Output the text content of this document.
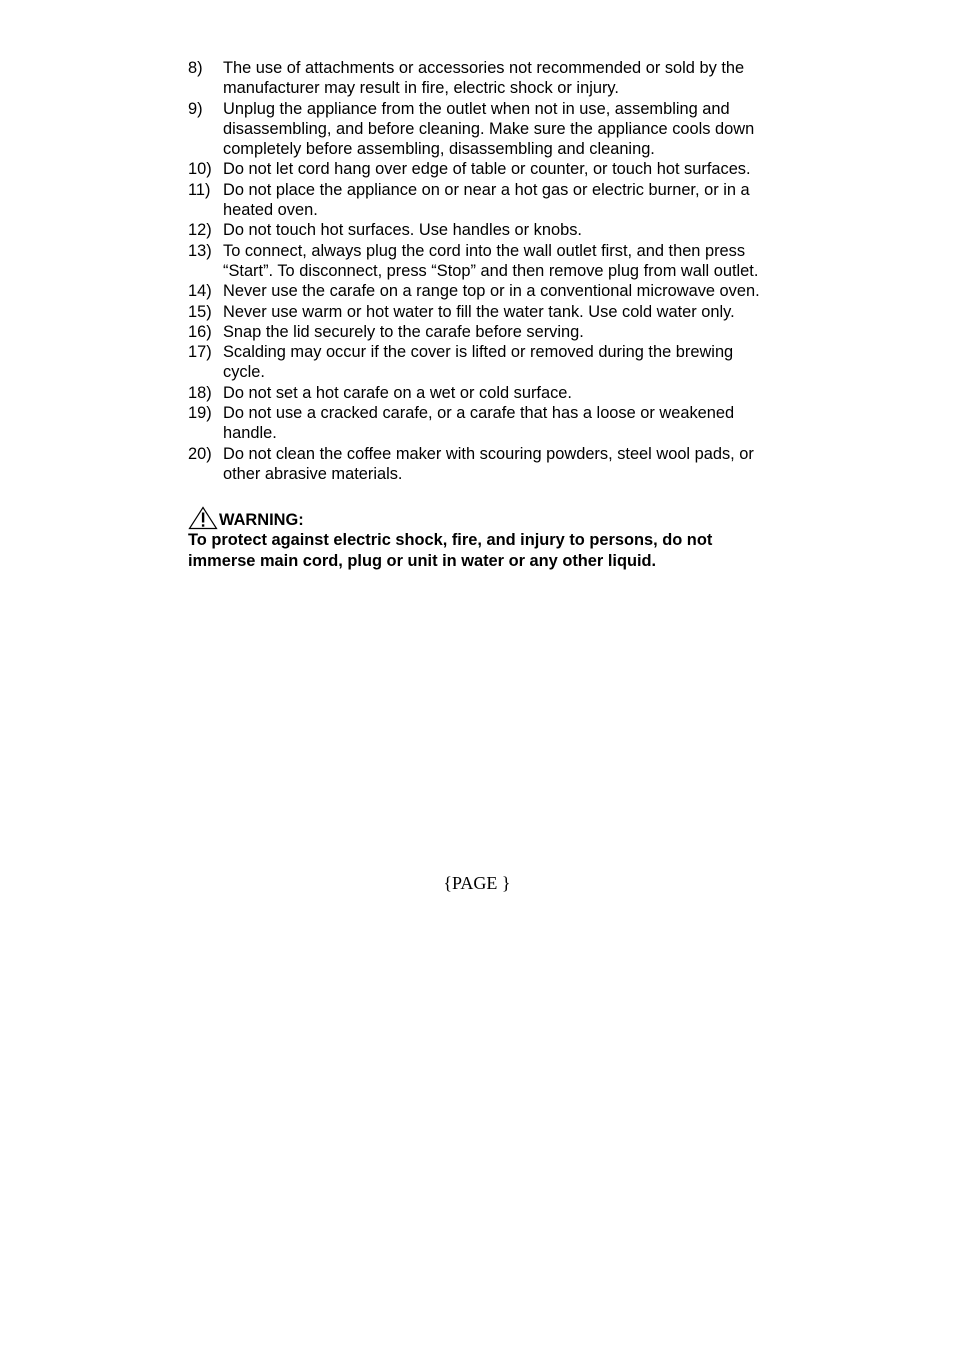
8)	The use of attachments or accessories not recommended or sold by the manufacturer may result in fire, electric shock or injury.
9)	Unplug the appliance from the outlet when not in use, assembling and disassembling, and before cleaning. Make sure the appliance cools down completely before assembling, disassembling and cleaning.
10) Do not let cord hang over edge of table or counter, or touch hot surfaces.
11) Do not place the appliance on or near a hot gas or electric burner, or in a heated oven.
12) Do not touch hot surfaces. Use handles or knobs.
13) To connect, always plug the cord into the wall outlet first, and then press “Start”. To disconnect, press “Stop” and then remove plug from wall outlet.
14) Never use the carafe on a range top or in a conventional microwave oven.
15) Never use warm or hot water to fill the water tank. Use cold water only.
16) Snap the lid securely to the carafe before serving.
17) Scalding may occur if the cover is lifted or removed during the brewing cycle.
18) Do not set a hot carafe on a wet or cold surface.
19) Do not use a cracked carafe, or a carafe that has a loose or weakened handle.
20) Do not clean the coffee maker with scouring powders, steel wool pads, or other abrasive materials.
WARNING:
To protect against electric shock, fire, and injury to persons, do not immerse main cord, plug or unit in water or any other liquid.
{PAGE }
